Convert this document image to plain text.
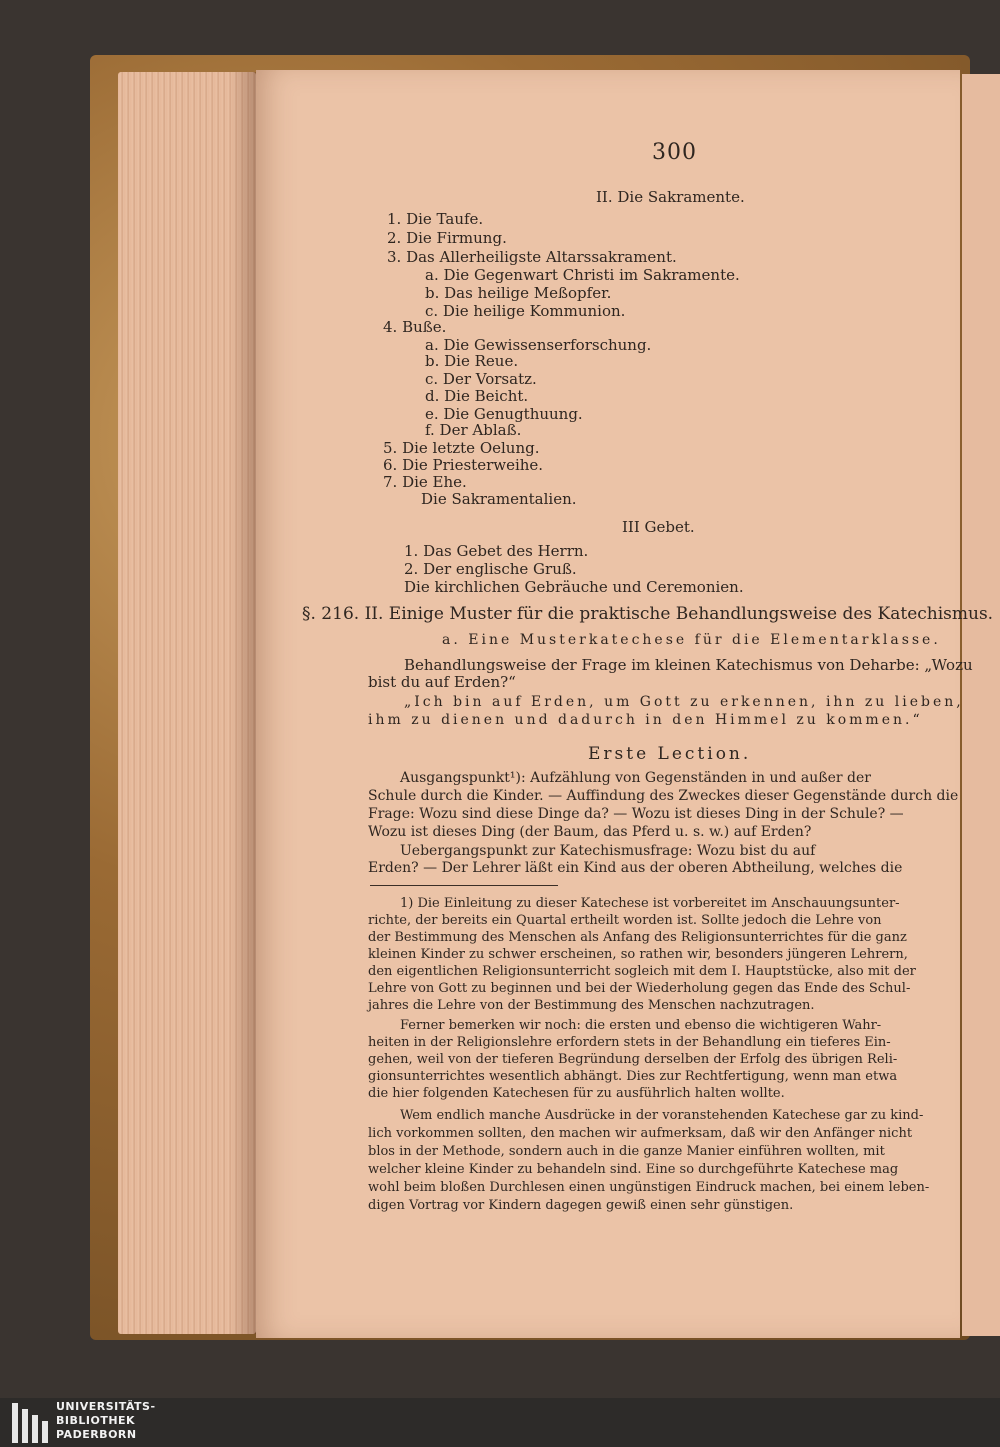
300
II. Die Sakramente.
1. Die Taufe.
2. Die Firmung.
3. Das Allerheiligste Altarssakrament.
a. Die Gegenwart Christi im Sakramente.
b. Das heilige Meßopfer.
c. Die heilige Kommunion.
4. Buße.
a. Die Gewissenserforschung.
b. Die Reue.
c. Der Vorsatz.
d. Die Beicht.
e. Die Genugthuung.
f. Der Ablaß.
5. Die letzte Oelung.
6. Die Priesterweihe.
7. Die Ehe.
Die Sakramentalien.
III Gebet.
1. Das Gebet des Herrn.
2. Der englische Gruß.
Die kirchlichen Gebräuche und Ceremonien.
§. 216. II. Einige Muster für die praktische Behandlungsweise des Katechismus.
a. Eine Musterkatechese für die Elementarklasse.
Behandlungsweise der Frage im kleinen Katechismus von Deharbe: „Wozu
bist du auf Erden?“
„Ich bin auf Erden, um Gott zu erkennen, ihn zu lieben,
ihm zu dienen und dadurch in den Himmel zu kommen.“
Erste Lection.
Ausgangspunkt¹): Aufzählung von Gegenständen in und außer der
Schule durch die Kinder. — Auffindung des Zweckes dieser Gegenstände durch die
Frage: Wozu sind diese Dinge da? — Wozu ist dieses Ding in der Schule? —
Wozu ist dieses Ding (der Baum, das Pferd u. s. w.) auf Erden?
Uebergangspunkt zur Katechismusfrage: Wozu bist du auf
Erden? — Der Lehrer läßt ein Kind aus der oberen Abtheilung, welches die
1) Die Einleitung zu dieser Katechese ist vorbereitet im Anschauungsunter-
richte, der bereits ein Quartal ertheilt worden ist. Sollte jedoch die Lehre von
der Bestimmung des Menschen als Anfang des Religionsunterrichtes für die ganz
kleinen Kinder zu schwer erscheinen, so rathen wir, besonders jüngeren Lehrern,
den eigentlichen Religionsunterricht sogleich mit dem I. Hauptstücke, also mit der
Lehre von Gott zu beginnen und bei der Wiederholung gegen das Ende des Schul-
jahres die Lehre von der Bestimmung des Menschen nachzutragen.
Ferner bemerken wir noch: die ersten und ebenso die wichtigeren Wahr-
heiten in der Religionslehre erfordern stets in der Behandlung ein tieferes Ein-
gehen, weil von der tieferen Begründung derselben der Erfolg des übrigen Reli-
gionsunterrichtes wesentlich abhängt. Dies zur Rechtfertigung, wenn man etwa
die hier folgenden Katechesen für zu ausführlich halten wollte.
Wem endlich manche Ausdrücke in der voranstehenden Katechese gar zu kind-
lich vorkommen sollten, den machen wir aufmerksam, daß wir den Anfänger nicht
blos in der Methode, sondern auch in die ganze Manier einführen wollten, mit
welcher kleine Kinder zu behandeln sind. Eine so durchgeführte Katechese mag
wohl beim bloßen Durchlesen einen ungünstigen Eindruck machen, bei einem leben-
digen Vortrag vor Kindern dagegen gewiß einen sehr günstigen.
UNIVERSITÄTS-
BIBLIOTHEK
PADERBORN
